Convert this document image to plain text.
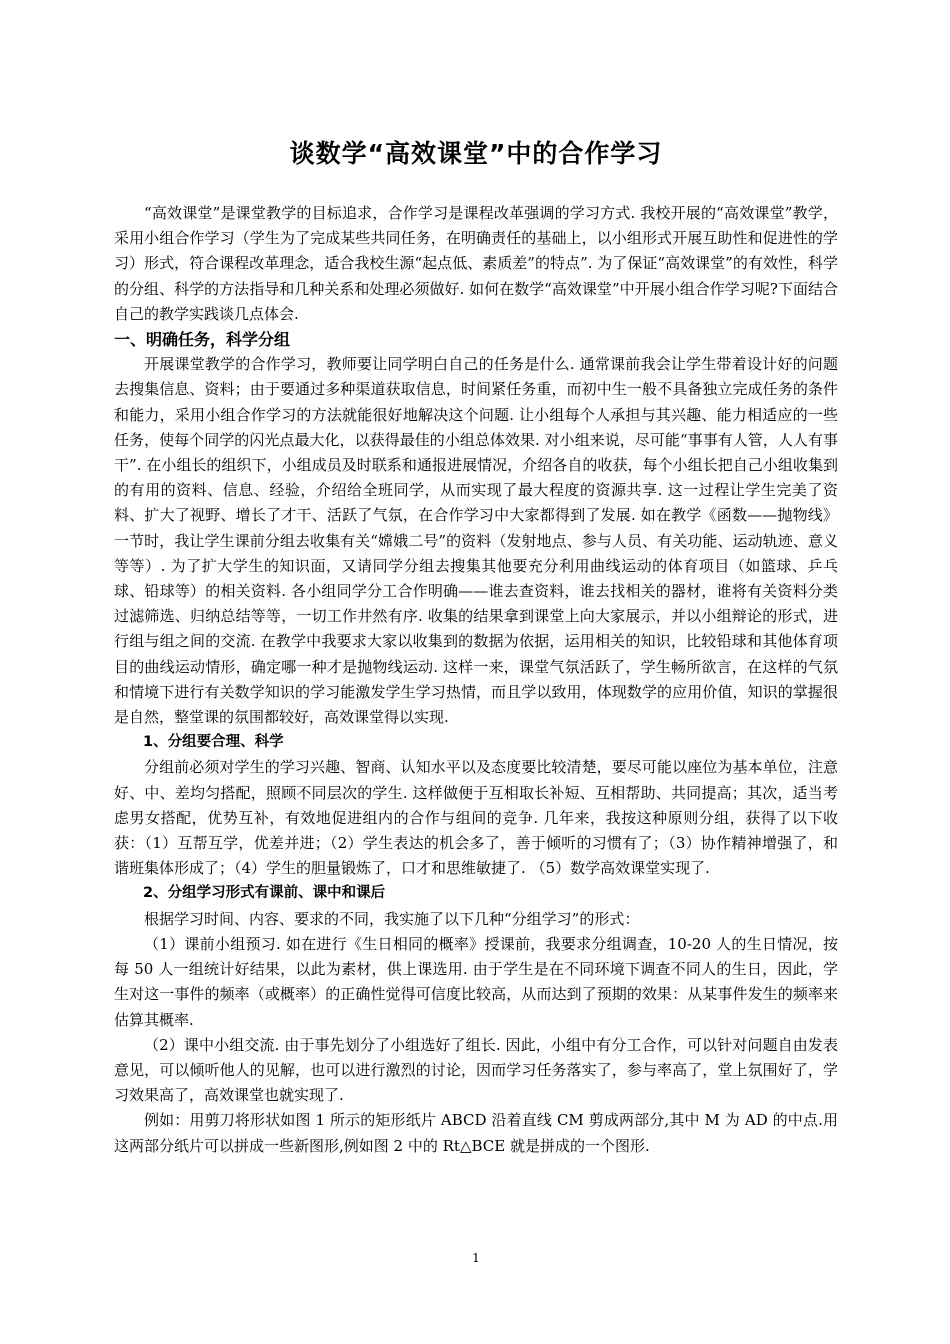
谈数学“高效课堂”中的合作学习

“高效课堂”是课堂教学的目标追求，合作学习是课程改革强调的学习方式. 我校开展的“高效课堂”教学，采用小组合作学习（学生为了完成某些共同任务，在明确责任的基础上，以小组形式开展互助性和促进性的学习）形式，符合课程改革理念，适合我校生源“起点低、素质差”的特点”. 为了保证“高效课堂”的有效性，科学的分组、科学的方法指导和几种关系和处理必须做好. 如何在数学“高效课堂”中开展小组合作学习呢?下面结合自己的教学实践谈几点体会.

一、明确任务，科学分组

开展课堂教学的合作学习，教师要让同学明白自己的任务是什么. 通常课前我会让学生带着设计好的问题去搜集信息、资料；由于要通过多种渠道获取信息，时间紧任务重，而初中生一般不具备独立完成任务的条件和能力，采用小组合作学习的方法就能很好地解决这个问题. 让小组每个人承担与其兴趣、能力相适应的一些任务，使每个同学的闪光点最大化，以获得最佳的小组总体效果. 对小组来说，尽可能“事事有人管，人人有事干”. 在小组长的组织下，小组成员及时联系和通报进展情况，介绍各自的收获，每个小组长把自己小组收集到的有用的资料、信息、经验，介绍给全班同学，从而实现了最大程度的资源共享. 这一过程让学生完美了资料、扩大了视野、增长了才干、活跃了气氛，在合作学习中大家都得到了发展. 如在教学《函数——抛物线》一节时，我让学生课前分组去收集有关“嫦娥二号”的资料（发射地点、参与人员、有关功能、运动轨迹、意义等等）. 为了扩大学生的知识面，又请同学分组去搜集其他要充分利用曲线运动的体育项目（如篮球、乒乓球、铅球等）的相关资料. 各小组同学分工合作明确——谁去查资料，谁去找相关的器材，谁将有关资料分类过滤筛选、归纳总结等等，一切工作井然有序. 收集的结果拿到课堂上向大家展示，并以小组辩论的形式，进行组与组之间的交流. 在教学中我要求大家以收集到的数据为依据，运用相关的知识，比较铅球和其他体育项目的曲线运动情形，确定哪一种才是抛物线运动. 这样一来，课堂气氛活跃了，学生畅所欲言，在这样的气氛和情境下进行有关数学知识的学习能激发学生学习热情，而且学以致用，体现数学的应用价值，知识的掌握很是自然，整堂课的氛围都较好，高效课堂得以实现.

1、分组要合理、科学

分组前必须对学生的学习兴趣、智商、认知水平以及态度要比较清楚，要尽可能以座位为基本单位，注意好、中、差均匀搭配，照顾不同层次的学生. 这样做便于互相取长补短、互相帮助、共同提高；其次，适当考虑男女搭配，优势互补，有效地促进组内的合作与组间的竞争. 几年来，我按这种原则分组，获得了以下收获：（1）互帮互学，优差并进；（2）学生表达的机会多了，善于倾听的习惯有了；（3）协作精神增强了，和谐班集体形成了；（4）学生的胆量锻炼了，口才和思维敏捷了. （5）数学高效课堂实现了.

2、分组学习形式有课前、课中和课后

根据学习时间、内容、要求的不同，我实施了以下几种“分组学习”的形式：

（1）课前小组预习. 如在进行《生日相同的概率》授课前，我要求分组调查，10-20 人的生日情况，按每 50 人一组统计好结果，以此为素材，供上课选用. 由于学生是在不同环境下调查不同人的生日，因此，学生对这一事件的频率（或概率）的正确性觉得可信度比较高，从而达到了预期的效果：从某事件发生的频率来估算其概率.

（2）课中小组交流. 由于事先划分了小组选好了组长. 因此，小组中有分工合作，可以针对问题自由发表意见，可以倾听他人的见解，也可以进行激烈的讨论，因而学习任务落实了，参与率高了，堂上氛围好了，学习效果高了，高效课堂也就实现了.

例如：用剪刀将形状如图 1 所示的矩形纸片 ABCD 沿着直线 CM 剪成两部分,其中 M 为 AD 的中点.用这两部分纸片可以拼成一些新图形,例如图 2 中的 Rt△BCE 就是拼成的一个图形.

1
